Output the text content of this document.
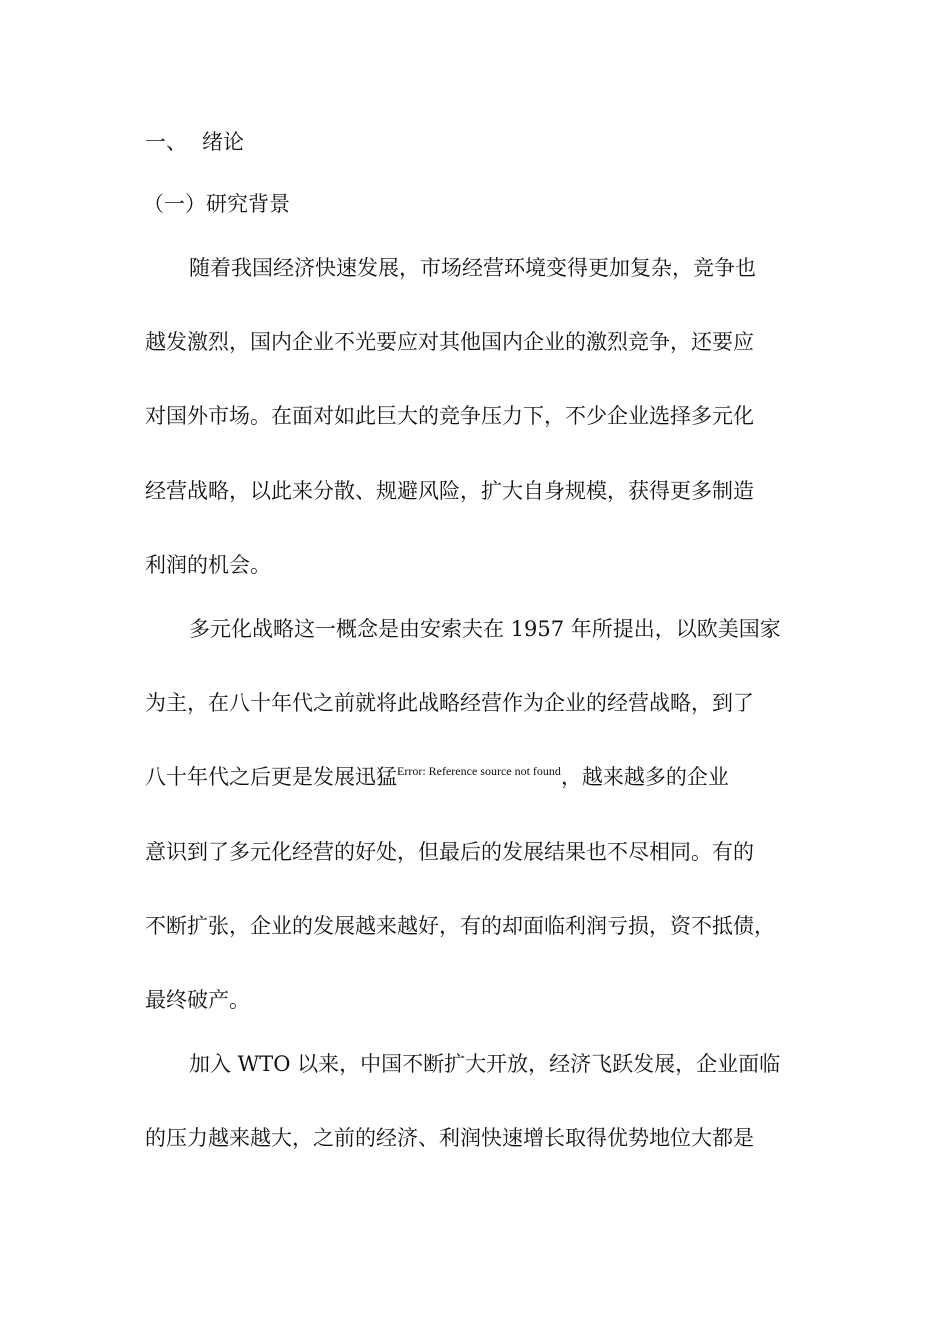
一、 绪论
（一）研究背景
随着我国经济快速发展，市场经营环境变得更加复杂，竞争也
越发激烈，国内企业不光要应对其他国内企业的激烈竞争，还要应
对国外市场。在面对如此巨大的竞争压力下，不少企业选择多元化
经营战略，以此来分散、规避风险，扩大自身规模，获得更多制造
利润的机会。
多元化战略这一概念是由安索夫在 1957 年所提出，以欧美国家
为主，在八十年代之前就将此战略经营作为企业的经营战略，到了
八十年代之后更是发展迅猛$^{Error: Reference source not found}$，越来越多的企业
意识到了多元化经营的好处，但最后的发展结果也不尽相同。有的
不断扩张，企业的发展越来越好，有的却面临利润亏损，资不抵债，
最终破产。
加入 WTO 以来，中国不断扩大开放，经济飞跃发展，企业面临
的压力越来越大，之前的经济、利润快速增长取得优势地位大都是
